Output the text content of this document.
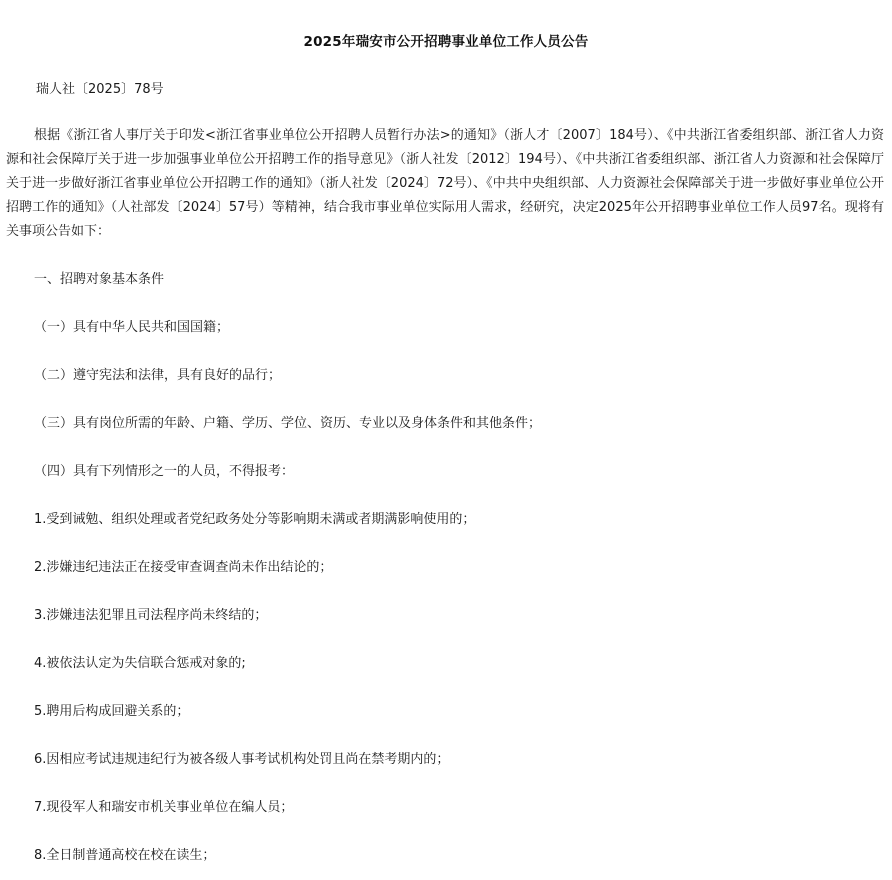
2025年瑞安市公开招聘事业单位工作人员公告
瑞人社〔2025〕78号

根据《浙江省人事厅关于印发<浙江省事业单位公开招聘人员暂行办法>的通知》（浙人才〔2007〕184号）、《中共浙江省委组织部、浙江省人力资源和社会保障厅关于进一步加强事业单位公开招聘工作的指导意见》（浙人社发〔2012〕194号）、《中共浙江省委组织部、浙江省人力资源和社会保障厅关于进一步做好浙江省事业单位公开招聘工作的通知》（浙人社发〔2024〕72号）、《中共中央组织部、人力资源社会保障部关于进一步做好事业单位公开招聘工作的通知》（人社部发〔2024〕57号）等精神，结合我市事业单位实际用人需求，经研究，决定2025年公开招聘事业单位工作人员97名。现将有关事项公告如下：

一、招聘对象基本条件
（一）具有中华人民共和国国籍；
（二）遵守宪法和法律，具有良好的品行；
（三）具有岗位所需的年龄、户籍、学历、学位、资历、专业以及身体条件和其他条件；
（四）具有下列情形之一的人员，不得报考：
1.受到诫勉、组织处理或者党纪政务处分等影响期未满或者期满影响使用的；
2.涉嫌违纪违法正在接受审查调查尚未作出结论的；
3.涉嫌违法犯罪且司法程序尚未终结的；
4.被依法认定为失信联合惩戒对象的;
5.聘用后构成回避关系的；
6.因相应考试违规违纪行为被各级人事考试机构处罚且尚在禁考期内的；
7.现役军人和瑞安市机关事业单位在编人员；
8.全日制普通高校在校在读生；
